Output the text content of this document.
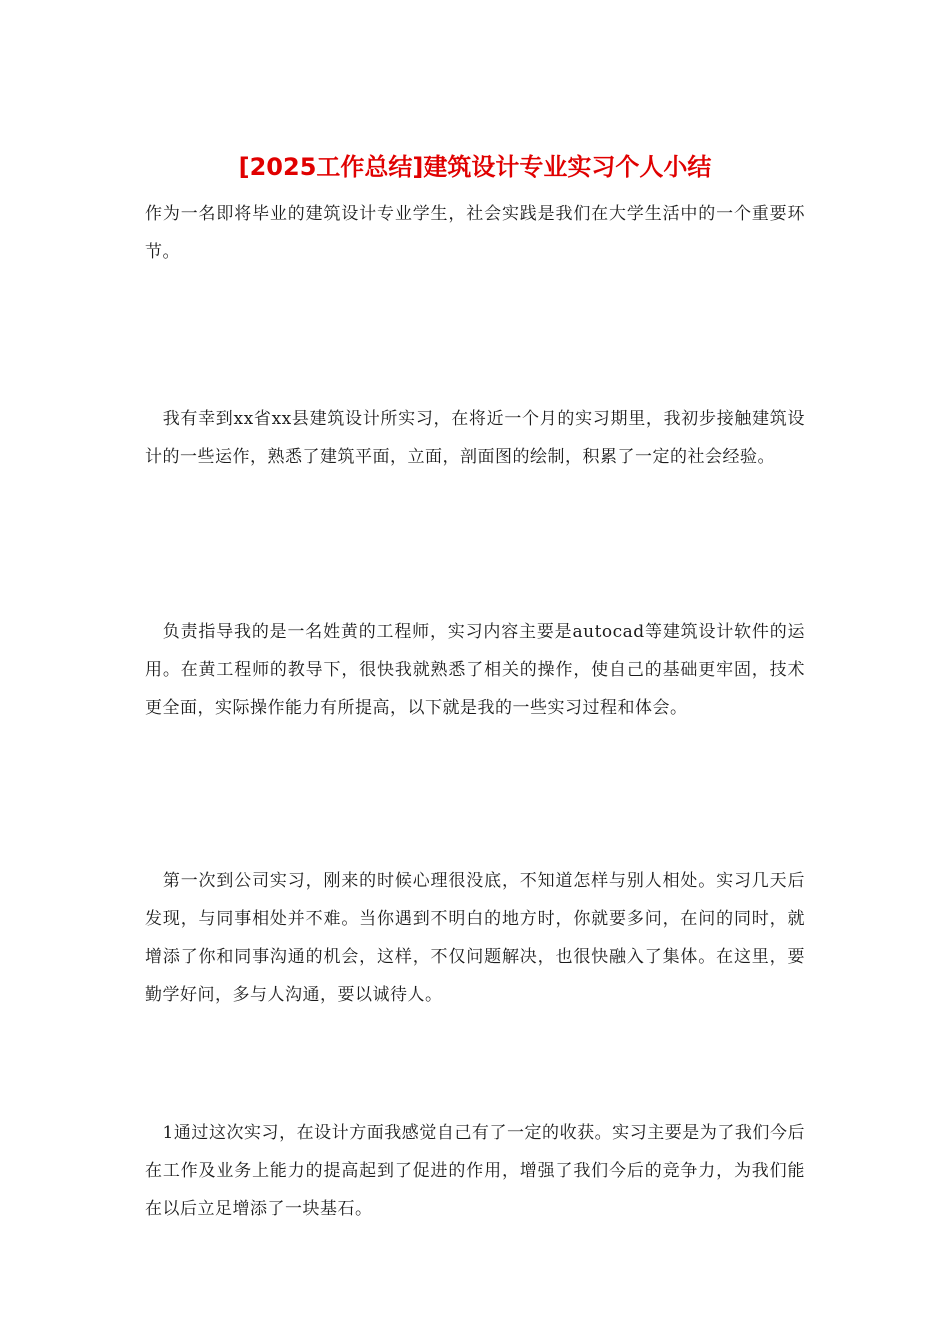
[2025工作总结]建筑设计专业实习个人小结

作为一名即将毕业的建筑设计专业学生，社会实践是我们在大学生活中的一个重要环节。

　我有幸到xx省xx县建筑设计所实习，在将近一个月的实习期里，我初步接触建筑设计的一些运作，熟悉了建筑平面，立面，剖面图的绘制，积累了一定的社会经验。

　负责指导我的是一名姓黄的工程师，实习内容主要是autocad等建筑设计软件的运用。在黄工程师的教导下，很快我就熟悉了相关的操作，使自己的基础更牢固，技术更全面，实际操作能力有所提高，以下就是我的一些实习过程和体会。

　第一次到公司实习，刚来的时候心理很没底，不知道怎样与别人相处。实习几天后发现，与同事相处并不难。当你遇到不明白的地方时，你就要多问，在问的同时，就增添了你和同事沟通的机会，这样，不仅问题解决，也很快融入了集体。在这里，要勤学好问，多与人沟通，要以诚待人。

　1通过这次实习，在设计方面我感觉自己有了一定的收获。实习主要是为了我们今后在工作及业务上能力的提高起到了促进的作用，增强了我们今后的竞争力，为我们能在以后立足增添了一块基石。
